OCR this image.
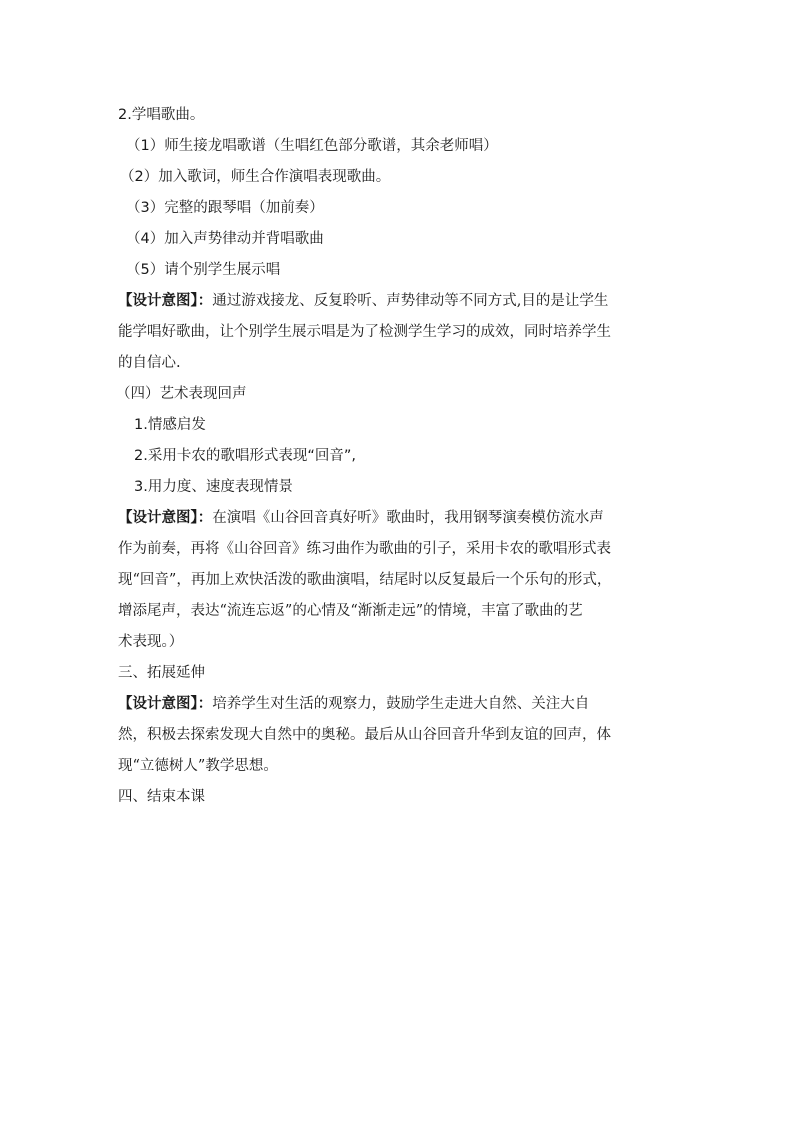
2.学唱歌曲。
（1）师生接龙唱歌谱（生唱红色部分歌谱，其余老师唱）
（2）加入歌词，师生合作演唱表现歌曲。
（3）完整的跟琴唱（加前奏）
（4）加入声势律动并背唱歌曲
（5）请个别学生展示唱
【设计意图】：通过游戏接龙、反复聆听、声势律动等不同方式,目的是让学生
能学唱好歌曲，让个别学生展示唱是为了检测学生学习的成效，同时培养学生
的自信心.
（四）艺术表现回声
1.情感启发
2.采用卡农的歌唱形式表现“回音”,
3.用力度、速度表现情景
【设计意图】：在演唱《山谷回音真好听》歌曲时，我用钢琴演奏模仿流水声
作为前奏，再将《山谷回音》练习曲作为歌曲的引子，采用卡农的歌唱形式表
现“回音”，再加上欢快活泼的歌曲演唱，结尾时以反复最后一个乐句的形式，
增添尾声，表达“流连忘返”的心情及“渐渐走远”的情境，丰富了歌曲的艺
术表现。）
三、拓展延伸
【设计意图】：培养学生对生活的观察力，鼓励学生走进大自然、关注大自
然，积极去探索发现大自然中的奥秘。最后从山谷回音升华到友谊的回声，体
现“立德树人”教学思想。
四、结束本课
